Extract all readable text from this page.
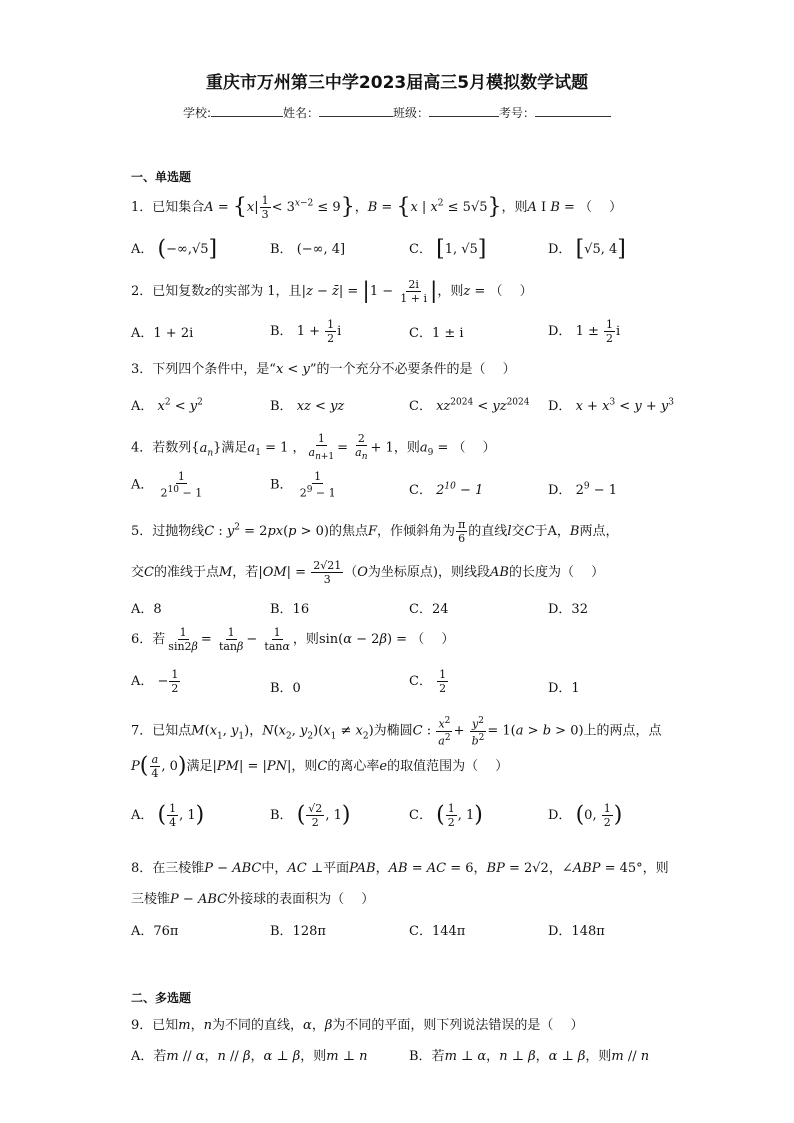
重庆市万州第三中学2023届高三5月模拟数学试题
学校:	姓名：	班级：	考号：
一、单选题
1．已知集合$A = \{x| \frac{1}{3} < 3^{x-2} \le 9\}$，B = {x | $x^2 \le 5√5$}，则A I B = （　 ）
A． (−∞,√5]	B． (−∞, 4]	C． [1, √5]	D． [√5, 4]
2．已知复数z的实部为 1，且|z − z̄| = $|1 - \frac{2i}{1 + i}$ |，则z = （　 ）
A．1 + 2i	B． $1 + \frac{1}{2}$ i	C．1 ± i	D． $1 \pm \frac{1}{2}$ i
3．下列四个条件中，是“x < y”的一个充分不必要条件的是（　 ）
A． $x^2 < y^2$	B． xz < yz	C． $xz^{2024} < yz^{2024}$ D． $x + x^3 < y + y^3$
4．若数列$\{a_n\}$满足$a_1 = 1$ ， $\frac{1}{a_{n+1}} = \frac{2}{a_n} + 1$，则$a_9$ = （　 ）
A． $\frac{1}{2^{10} - 1}$	B． $\frac{1}{2^9 - 1}$	C． $2^{10} - 1$	D． $2^9 - 1$
5．过抛物线C : $y^2 = 2px(p > 0)$的焦点F，作倾斜角为 $\frac{\pi}{6}$ 的直线l交C于A，B两点，
交C的准线于点M，若$|OM| = \frac{2√21}{3} (O$为坐标原点)，则线段AB的长度为（　 ）
A．8	B．16	C．24	D．32
6．若 $\frac{1}{\sin 2\beta} = \frac{1}{\tan\beta} - \frac{1}{\tan\alpha}$ ，则sin(α − 2β) = （　 ）
A． − $\frac{1}{2}$	B．0	C． $\frac{1}{2}$	D．1
7．已知点$M(x_1$, $y_1$)，$N(x_2$, $y_2)(x_1 \ne x_2)$为椭圆C : $\frac{x^2}{a^2} + \frac{y^2}{b^2} = 1(a > b > 0)$上的两点，点
$P( \frac{a}{4}$ , 0)满足|PM| = |PN|，则C的离心率e的取值范围为（　 ）
A． ( $\frac{1}{4}$ , 1)	B． ( $\frac{√2}{2}$ , 1)	C． ( $\frac{1}{2}$ , 1)	D． (0, $\frac{1}{2}$ )
8．在三棱锥P − ABC中，AC ⊥平面PAB，AB = AC = 6，BP = 2√2，∠ABP = 45°，则
三棱锥P − ABC外接球的表面积为（　 ）
A．76π	B．128π	C．144π	D．148π
二、多选题
9．已知m，n为不同的直线，α，β为不同的平面，则下列说法错误的是（　 ）
A．若m // α，n // β，α ⊥ β，则m ⊥ n	B．若m ⊥ α，n ⊥ β，α ⊥ β，则m // n
